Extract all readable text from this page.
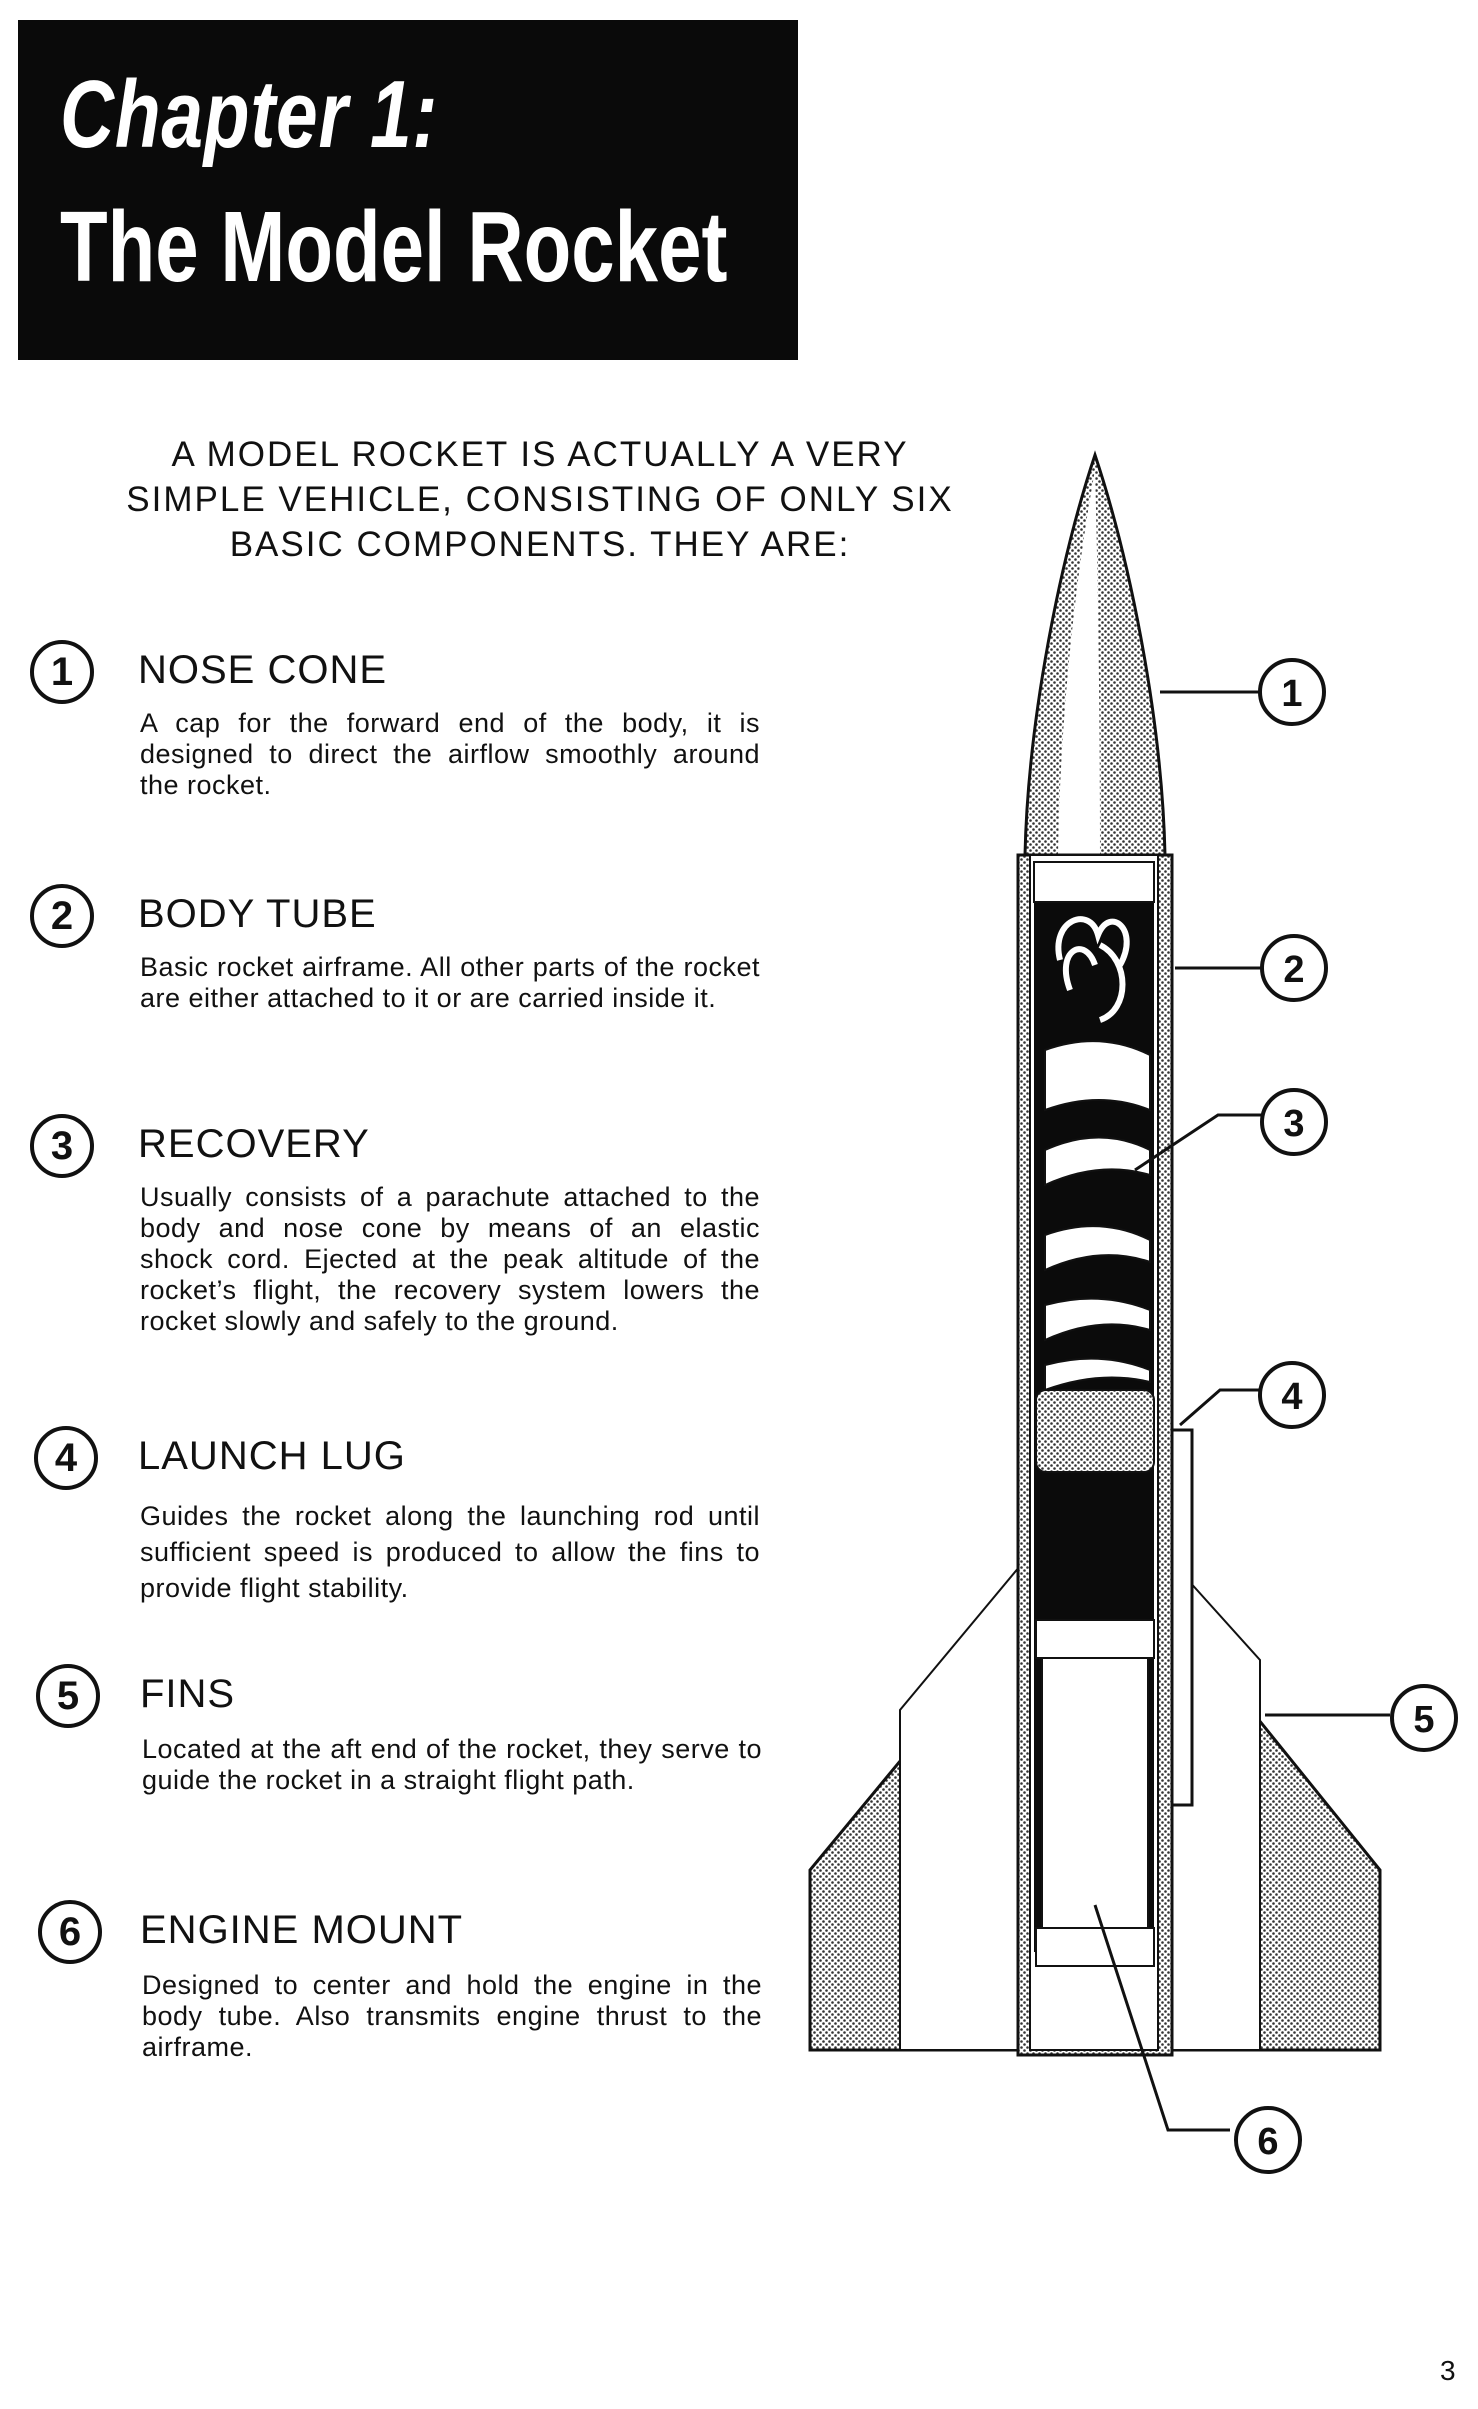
Chapter 1:
The Model Rocket
A MODEL ROCKET IS ACTUALLY A VERY
SIMPLE VEHICLE, CONSISTING OF ONLY SIX
BASIC COMPONENTS. THEY ARE:
1	NOSE CONE
A cap for the forward end of the body, it is designed to direct the airflow smoothly around the rocket.
2	BODY TUBE
Basic rocket airframe. All other parts of the rocket are either attached to it or are carried inside it.
3	RECOVERY
Usually consists of a parachute attached to the body and nose cone by means of an elastic shock cord. Ejected at the peak altitude of the rocket’s flight, the recovery system lowers the rocket slowly and safely to the ground.
4	LAUNCH LUG
Guides the rocket along the launching rod until sufficient speed is produced to allow the fins to provide flight stability.
5	FINS
Located at the aft end of the rocket, they serve to guide the rocket in a straight flight path.
6	ENGINE MOUNT
Designed to center and hold the engine in the body tube. Also transmits engine thrust to the airframe.
1
2
3
4
5
6
3
